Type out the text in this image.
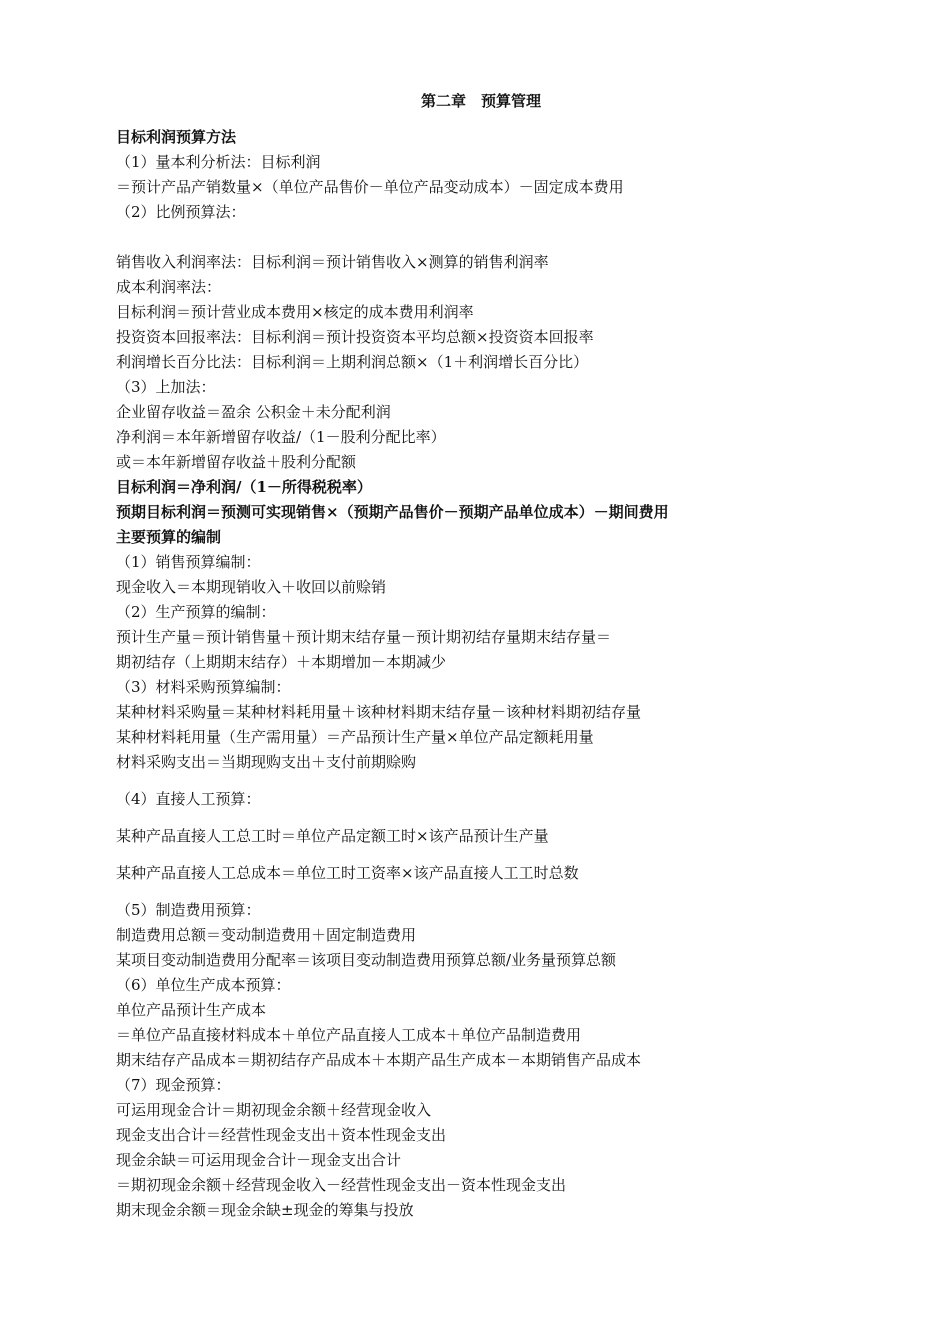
第二章　预算管理
目标利润预算方法
（1）量本利分析法：目标利润
＝预计产品产销数量×（单位产品售价－单位产品变动成本）－固定成本费用
（2）比例预算法：
销售收入利润率法：目标利润＝预计销售收入×测算的销售利润率
成本利润率法：
目标利润＝预计营业成本费用×核定的成本费用利润率
投资资本回报率法：目标利润＝预计投资资本平均总额×投资资本回报率
利润增长百分比法：目标利润＝上期利润总额×（1＋利润增长百分比）
（3）上加法：
企业留存收益＝盈余 公积金＋未分配利润
净利润＝本年新增留存收益/（1－股利分配比率）
或＝本年新增留存收益＋股利分配额
目标利润＝净利润/（1－所得税税率）
预期目标利润＝预测可实现销售×（预期产品售价－预期产品单位成本）－期间费用
主要预算的编制
（1）销售预算编制：
现金收入＝本期现销收入＋收回以前赊销
（2）生产预算的编制：
预计生产量＝预计销售量＋预计期末结存量－预计期初结存量期末结存量＝
期初结存（上期期末结存）＋本期增加－本期减少
（3）材料采购预算编制：
某种材料采购量＝某种材料耗用量＋该种材料期末结存量－该种材料期初结存量
某种材料耗用量（生产需用量）＝产品预计生产量×单位产品定额耗用量
材料采购支出＝当期现购支出＋支付前期赊购
（4）直接人工预算：
某种产品直接人工总工时＝单位产品定额工时×该产品预计生产量
某种产品直接人工总成本＝单位工时工资率×该产品直接人工工时总数
（5）制造费用预算：
制造费用总额＝变动制造费用＋固定制造费用
某项目变动制造费用分配率＝该项目变动制造费用预算总额/业务量预算总额
（6）单位生产成本预算：
单位产品预计生产成本
＝单位产品直接材料成本＋单位产品直接人工成本＋单位产品制造费用
期末结存产品成本＝期初结存产品成本＋本期产品生产成本－本期销售产品成本
（7）现金预算：
可运用现金合计＝期初现金余额＋经营现金收入
现金支出合计＝经营性现金支出＋资本性现金支出
现金余缺＝可运用现金合计－现金支出合计
＝期初现金余额＋经营现金收入－经营性现金支出－资本性现金支出
期末现金余额＝现金余缺±现金的筹集与投放
